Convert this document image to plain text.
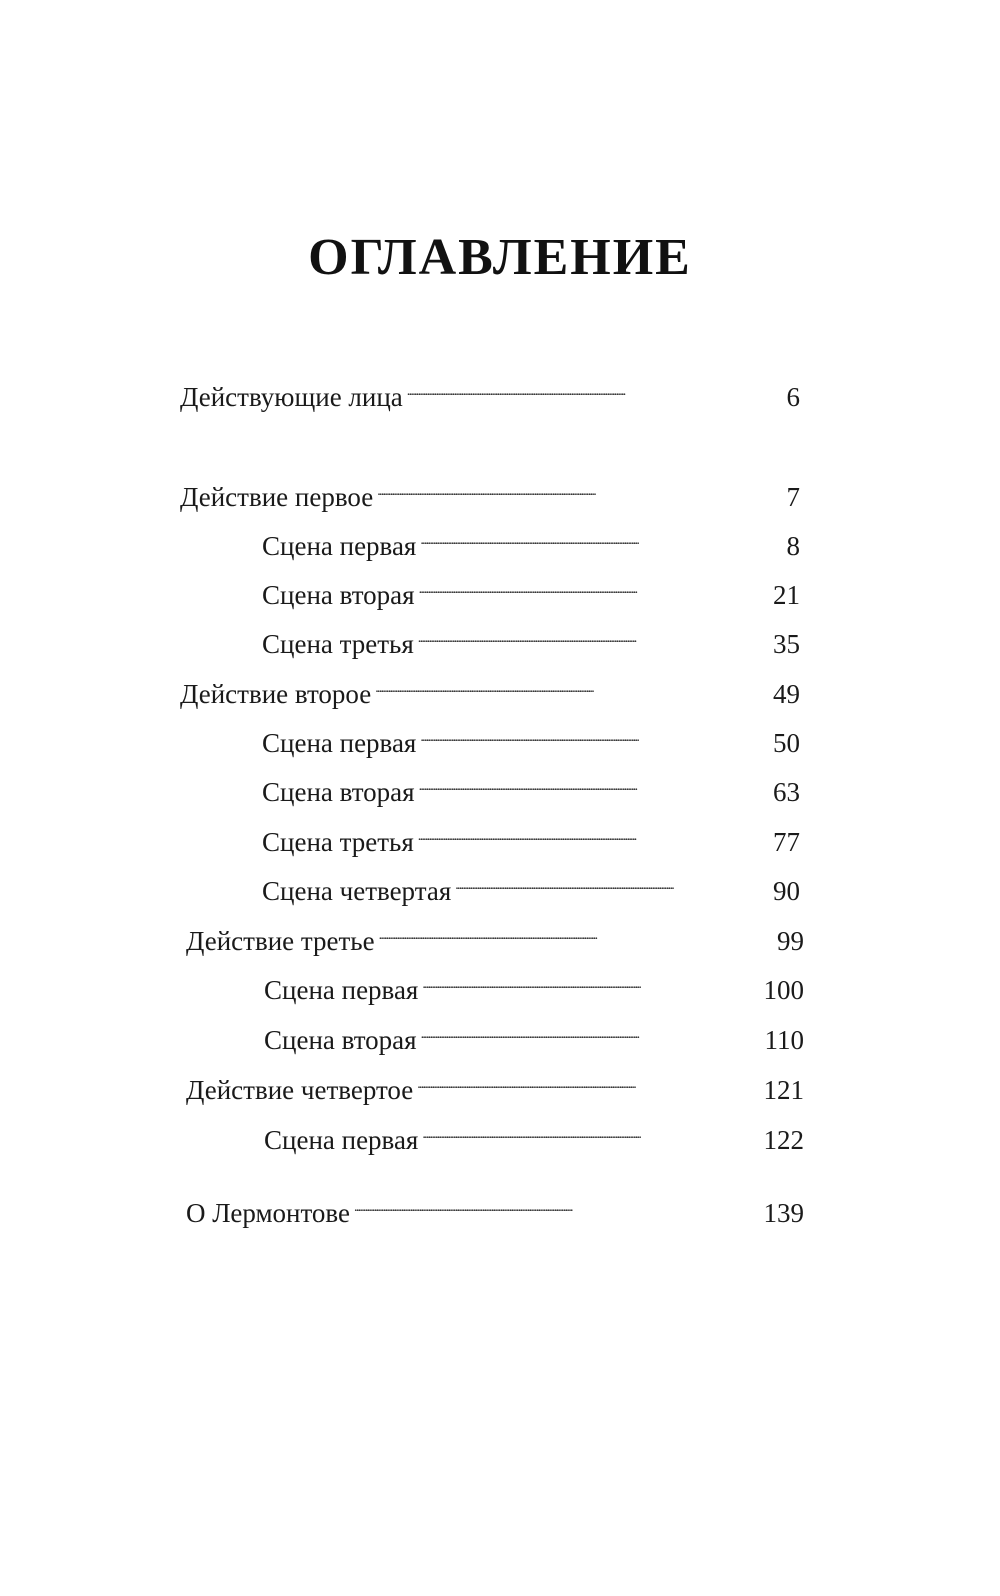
ОГЛАВЛЕНИЕ
Действующие лица . . .	6
Действие первое . . .	7
Сцена первая . . .	8
Сцена вторая . . .	21
Сцена третья . . .	35
Действие второе . . .	49
Сцена первая . . .	50
Сцена вторая . . .	63
Сцена третья . . .	77
Сцена четвертая . . .	90
Действие третье . . .	99
Сцена первая . . .	100
Сцена вторая . . .	110
Действие четвертое . . .	121
Сцена первая . . .	122
О Лермонтове . . .	139
